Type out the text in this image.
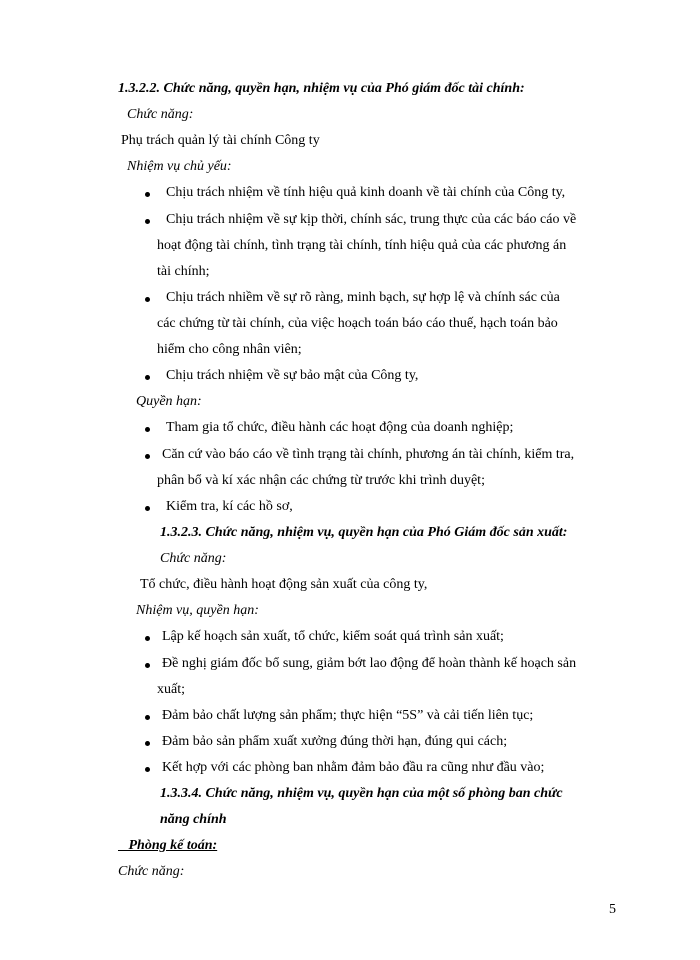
1.3.2.2. Chức năng, quyền hạn, nhiệm vụ của Phó giám đốc tài chính:
Chức năng:
Phụ trách quản lý tài chính Công ty
Nhiệm vụ chủ yếu:
Chịu trách nhiệm về tính hiệu quả kinh doanh về tài chính của Công ty,
Chịu trách nhiệm về sự kịp thời, chính sác, trung thực của các báo cáo về
hoạt động tài chính, tình trạng tài chính, tính hiệu quả của các phương án
tài chính;
Chịu trách nhiềm về sự rõ ràng, minh bạch, sự hợp lệ và chính sác của
các chứng từ tài chính, của việc hoạch toán báo cáo thuế, hạch toán bảo
hiểm cho công nhân viên;
Chịu trách nhiệm về sự bảo mật của Công ty,
Quyền hạn:
Tham gia tổ chức, điều hành các hoạt động của doanh nghiệp;
Căn cứ vào báo cáo về tình trạng tài chính, phương án tài chính, kiểm tra,
phân bổ và kí xác nhận các chứng từ trước khi trình duyệt;
Kiểm tra, kí các hồ sơ,
1.3.2.3. Chức năng, nhiệm vụ, quyền hạn của Phó Giám đốc sản xuất:
Chức năng:
Tổ chức, điều hành hoạt động sản xuất của công ty,
Nhiệm vụ, quyền hạn:
Lập kế hoạch sản xuất, tổ chức, kiểm soát quá trình sản xuất;
Đề nghị giám đốc bổ sung, giảm bớt lao động để hoàn thành kế hoạch sản
xuất;
Đảm bảo chất lượng sản phẩm; thực hiện “5S” và cải tiến liên tục;
Đảm bảo sản phẩm xuất xưởng đúng thời hạn, đúng qui cách;
Kết hợp với các phòng ban nhằm đảm bảo đầu ra cũng như đầu vào;
1.3.3.4. Chức năng, nhiệm vụ, quyền hạn của một số phòng ban chức
năng chính
Phòng kế toán:
Chức năng:
5
